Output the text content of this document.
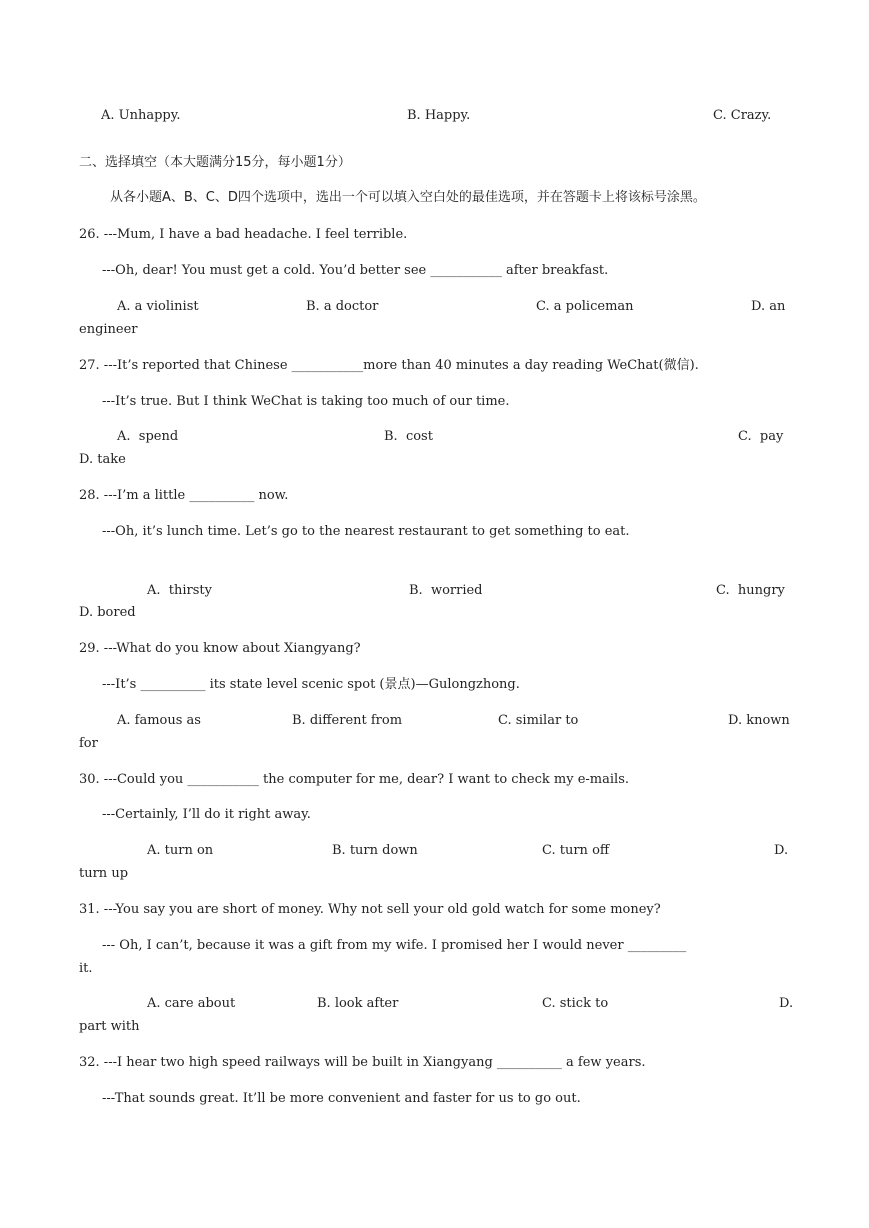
A. Unhappy.	B. Happy.	C. Crazy.
二、选择填空（本大题满分15分，每小题1分）
从各小题A、B、C、D四个选项中，选出一个可以填入空白处的最佳选项，并在答题卡上将该标号涂黑。
26. ---Mum, I have a bad headache. I feel terrible.
---Oh, dear! You must get a cold. You’d better see ___________ after breakfast.
A. a violinist	B. a doctor	C. a policeman	D. an
engineer
27. ---It’s reported that Chinese ___________more than 40 minutes a day reading WeChat(微信).
---It’s true. But I think WeChat is taking too much of our time.
A.  spend	B.  cost	C.  pay
D. take
28. ---I’m a little __________ now.
---Oh, it’s lunch time. Let’s go to the nearest restaurant to get something to eat.
A.  thirsty	B.  worried	C.  hungry
D. bored
29. ---What do you know about Xiangyang?
---It’s __________ its state level scenic spot (景点)—Gulongzhong.
A. famous as	B. different from	C. similar to	D. known
for
30. ---Could you ___________ the computer for me, dear? I want to check my e-mails.
---Certainly, I’ll do it right away.
A. turn on	B. turn down	C. turn off	D.
turn up
31. ---You say you are short of money. Why not sell your old gold watch for some money?
--- Oh, I can’t, because it was a gift from my wife. I promised her I would never _________
it.
A. care about	B. look after	C. stick to	D.
part with
32. ---I hear two high speed railways will be built in Xiangyang __________ a few years.
---That sounds great. It’ll be more convenient and faster for us to go out.
